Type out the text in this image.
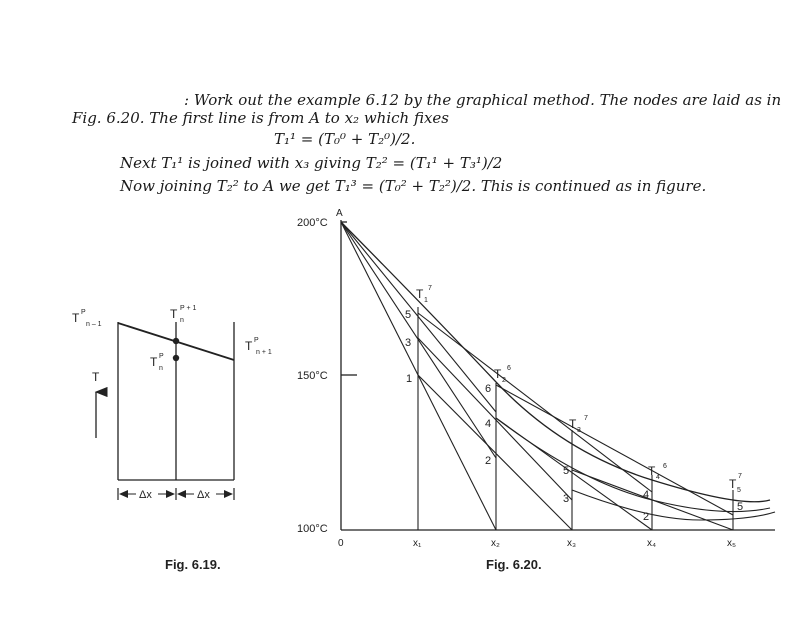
: Work out the example 6.12 by the graphical method. The nodes are laid as in
Fig. 6.20. The first line is from A to x₂ which fixes
T₁¹ = (T₀⁰ + T₂⁰)/2.
Next T₁¹ is joined with x₃ giving T₂² = (T₁¹ + T₃¹)/2
Now joining T₂² to A we get T₁³ = (T₀² + T₂²)/2. This is continued as in figure.
T P
n – 1
T P + 1
n
T P
n
T P
n + 1
T
Δx	Δx
200°C
150°C
100°C
0
A
5
3
1
6
4
2
5
3	4
2
5
T 1
7
T 2
6
T 3
7
T 4
6
T 5
7
x₁	x₂	x₃	x₄	x₅
Fig. 6.19.	Fig. 6.20.
